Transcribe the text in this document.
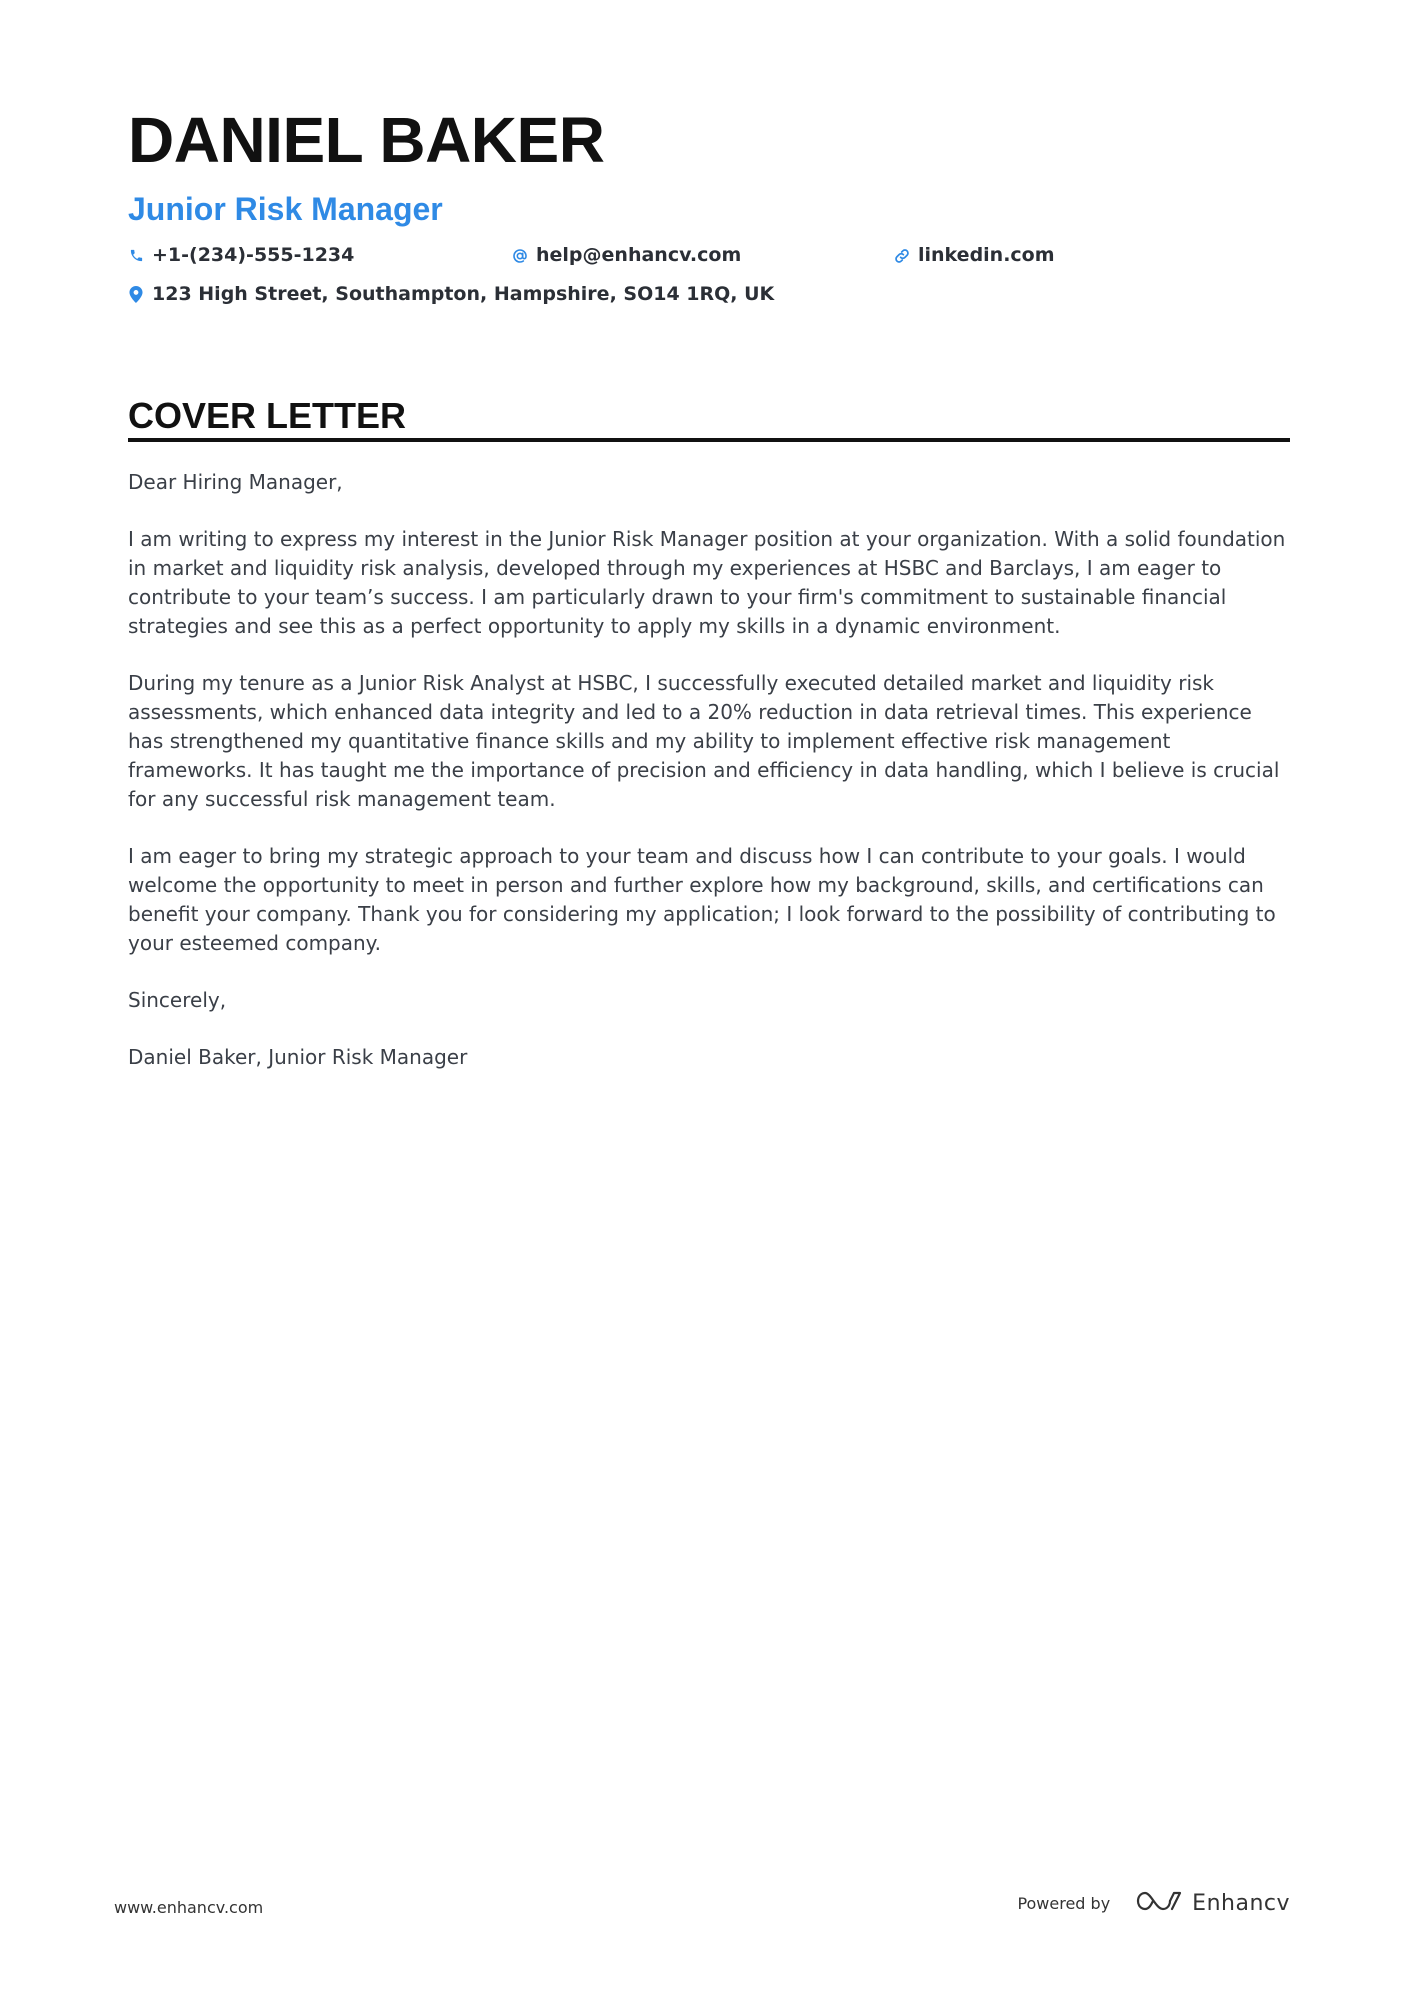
DANIEL BAKER
Junior Risk Manager
+1-(234)-555-1234	help@enhancv.com	linkedin.com
123 High Street, Southampton, Hampshire, SO14 1RQ, UK
COVER LETTER

Dear Hiring Manager,

I am writing to express my interest in the Junior Risk Manager position at your organization. With a solid foundation in market and liquidity risk analysis, developed through my experiences at HSBC and Barclays, I am eager to contribute to your team’s success. I am particularly drawn to your firm's commitment to sustainable financial strategies and see this as a perfect opportunity to apply my skills in a dynamic environment.

During my tenure as a Junior Risk Analyst at HSBC, I successfully executed detailed market and liquidity risk assessments, which enhanced data integrity and led to a 20% reduction in data retrieval times. This experience has strengthened my quantitative finance skills and my ability to implement effective risk management frameworks. It has taught me the importance of precision and efficiency in data handling, which I believe is crucial for any successful risk management team.

I am eager to bring my strategic approach to your team and discuss how I can contribute to your goals. I would welcome the opportunity to meet in person and further explore how my background, skills, and certifications can benefit your company. Thank you for considering my application; I look forward to the possibility of contributing to your esteemed company.

Sincerely,

Daniel Baker, Junior Risk Manager

www.enhancv.com	Powered by	Enhancv
